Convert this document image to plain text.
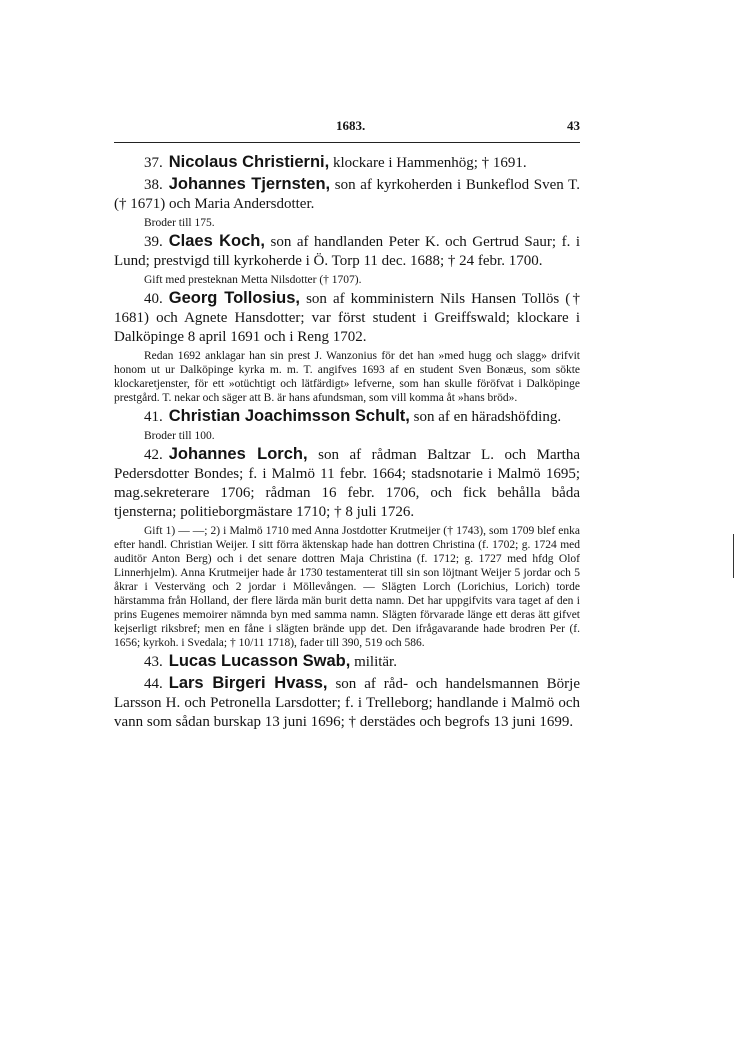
1683.	43

37. Nicolaus Christierni, klockare i Hammenhög; † 1691.

38. Johannes Tjernsten, son af kyrkoherden i Bunkeflod Sven T. († 1671) och Maria Andersdotter.

Broder till 175.

39. Claes Koch, son af handlanden Peter K. och Gertrud Saur; f. i Lund; prestvigd till kyrkoherde i Ö. Torp 11 dec. 1688; † 24 febr. 1700.

Gift med presteknan Metta Nilsdotter († 1707).

40. Georg Tollosius, son af komministern Nils Hansen Tollös († 1681) och Agnete Hansdotter; var först student i Greiffswald; klockare i Dalköpinge 8 april 1691 och i Reng 1702.

Redan 1692 anklagar han sin prest J. Wanzonius för det han »med hugg och slagg» drifvit honom ut ur Dalköpinge kyrka m. m. T. angifves 1693 af en student Sven Bonæus, som sökte klockaretjenster, för ett »otüchtigt och lätfärdigt» lefverne, som han skulle föröfvat i Dalköpinge prestgård. T. nekar och säger att B. är hans afundsman, som vill komma åt »hans bröd».

41. Christian Joachimsson Schult, son af en häradshöfding.

Broder till 100.

42. Johannes Lorch, son af rådman Baltzar L. och Martha Pedersdotter Bondes; f. i Malmö 11 febr. 1664; stadsnotarie i Malmö 1695; mag.sekreterare 1706; rådman 16 febr. 1706, och fick behålla båda tjensterna; politieborgmästare 1710; † 8 juli 1726.

Gift 1) — —; 2) i Malmö 1710 med Anna Jostdotter Krutmeijer († 1743), som 1709 blef enka efter handl. Christian Weijer. I sitt förra äktenskap hade han dottren Christina (f. 1702; g. 1724 med auditör Anton Berg) och i det senare dottren Maja Christina (f. 1712; g. 1727 med hfdg Olof Linnerhjelm). Anna Krutmeijer hade år 1730 testamenterat till sin son löjtnant Weijer 5 jordar och 5 åkrar i Vesterväng och 2 jordar i Möllevången. — Slägten Lorch (Lorichius, Lorich) torde härstamma från Holland, der flere lärda män burit detta namn. Det har uppgifvits vara taget af den i prins Eugenes memoirer nämnda byn med samma namn. Slägten förvarade länge ett deras ätt gifvet kejserligt riksbref; men en fåne i slägten brände upp det. Den ifrågavarande hade brodren Per (f. 1656; kyrkoh. i Svedala; † 10/11 1718), fader till 390, 519 och 586.

43. Lucas Lucasson Swab, militär.

44. Lars Birgeri Hvass, son af råd- och handelsmannen Börje Larsson H. och Petronella Larsdotter; f. i Trelleborg; handlande i Malmö och vann som sådan burskap 13 juni 1696; † derstädes och begrofs 13 juni 1699.
